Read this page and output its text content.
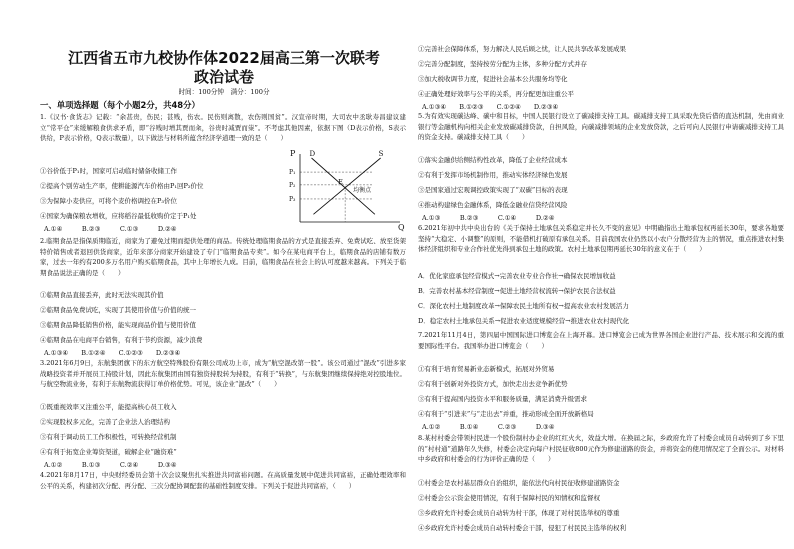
江西省五市九校协作体2022届高三第一次联考
政治试卷
时间：100分钟　满分：100分
一、单项选择题（每个小题2分，共48分）

1.《汉书·食货志》记载：“余甚贵，伤民；甚贱，伤农。民伤则离散，农伤则国贫”。汉宣帝时期，大司农中丞耿寿昌建议建立“常平仓”来缓解粮食供求矛盾，即“谷贱时增其贾而籴，谷贵时减贾而粜”。不考虑其他因素，依据下图（D表示价格，S表示供给，P表示价格，Q表示数量），以下做法与材料所蕴含经济学道理一致的是（　　）

①谷价低于P₁时，国家可启动临时储备收储工作

②提高个别劳动生产率，使耕能源汽车价格由P₁回P₂价位

③为保障小麦供应，可将个麦价格调控在P₃价位

④国家为确保粮农增收，应将稻谷最低收购价定于P₁处

A.①④　　　B.②③　　　C.①③　　　D.②④
P
Q
P₁
P₂
P₃
D	S
E
均衡点

2.临期食品是指保质期临近，商家为了避免过期而提供处理的商品。传统处理临期食品的方式是直接丢弃、免费试吃、放至货架特价销售或者退回供货商家，近年来部分商家开始建设了专门“临期食品专卖”。如今在某电商平台上，临期食品的店铺有数万家，过去一年约有200多万名用户购买临期食品，其中上年增长九成。目前，临期食品在社会上的认可度越来越高。下列关于临期食品说法正确的是（　　）

①临期食品直接丢弃，此时无法实现其价值

②临期食品免费试吃，实现了其使用价值与价值的统一

③临期食品降低销售价格，能实现商品价值与使用价值

④临期食品在电商平台销售，有利于节约资源，减少浪费

A.①③④　　B.①②④　　C.①②③　　D.②③④

3.2021年6月9日，东航集团旗下的东方航空特殊股份有限公司成功上市，成为“航空混改第一股”。该公司通过“混改”引进多家战略投资者并开展员工持股计划，因此东航集团由国有独资持股转为持股，有利于“转换”，与东航集团继续保持绝对控股地位。与航空物流业务，有利于东航物流获得订单价格优势。可见，该企业“混改”（　　）

①既重视效率又注重公平，能提高核心员工收入

②实现股权多元化，完善了企业法人治理结构

③有利于调动员工工作积极性，可转换经营机制

④有利于拓宽企业筹资渠道，破解企业“融资难”

A.①②　　　B.①③　　　C.②④　　　D.③④

4.2021年8月17日，中央财经委员会第十次会议聚焦扎实推进共同富裕问题。在高质量发展中促进共同富裕，正确处理效率和公平的关系，构建初次分配、再分配、三次分配协调配套的基础性制度安排。下列关于促进共同富裕，（　　）

①完善社会保障体系，努力解决人民后顾之忧，让人民共享改革发展成果

②完善分配制度，坚持按劳分配为主体，多种分配方式并存

③加大税收调节力度，促进社会基本公共服务均等化

④正确处理好效率与公平的关系，再分配更加注重公平

A.①③④　　B.①②③　　C.①②④　　D.②③④

5.为有效实现碳达峰、碳中和目标，中国人民银行设立了碳减排支持工具。碳减排支持工具采取先贷后借的直达机制，先由商业银行等金融机构向相关企业发放碳减排贷款，自担风险，向碳减排领域的企业发放贷款，之后可向人民银行申请碳减排支持工具的资金支持。碳减排支持工具（　　）

①落实金融供给侧结构性改革，降低了企业经营成本

②有利于发挥市场机制作用，推动实体经济绿色发展

③是国家通过宏观调控政策实现了“双碳”目标的表现

④推动构建绿色金融体系，降低金融业信贷经营风险

A.①③　　　B.②③　　　C.①④　　　D.②④

6.2021年初中共中央出台的《关于保持土地承包关系稳定并长久不变的意见》中明确指出土地承包权再延长30年，要求各地要坚持“大稳定、小调整”的原则，不能借机打破原有承包关系。目前我国农业仍然以小农户分散经营为主的情况，重点推进农村集体经济组织和专业合作社优先得到承包土地的政策。农村土地承包期再延长30年的意义在于（　　）

A．优化家庭承包经营模式→完善农业专业合作社→确保农民增加收益

B．完善农村基本经营制度→促进土地经营权流转→保护农民合法权益

C．深化农村土地制度改革→保障农民土地所有权→提高农业农村发展活力

D．稳定农村土地承包关系→促进农业适度规模经营→推进农业农村现代化

7.2021年11月4日，第四届中国国际进口博览会在上海开幕。进口博览会已成为世界各国企业进行产品、技术展示和交流的重要国际性平台。我国举办进口博览会（　　）

①有利于培育贸易新业态新模式，拓展对外贸易

②有利于创新对外投资方式，加快走出去竞争新优势

③有利于提高国内投资水平和服务质量，满足消费升级需求

④有利于“引进来”与“走出去”并重，推动形成全面开放新格局

A.①②　　　B.①④　　　C.②③　　　D.③④

8.某村村委会带领村民进一个股份制村办企业的红红火火，效益大增。在换届之际，乡政府允许了村委会成员自动转到了乡下里的“村村通”道路年久失修，村委会决定向每户村民征收800元作为修建道路的资金，并将资金的使用情况定了全面公示。对材料中乡政府和村委会的行为评价正确的是（　　）

①村委会是农村基层群众自治组织，能依法代向村民征收修建道路资金

②村委会公示资金使用情况，有利于保障村民的知情权和监督权

③乡政府允许村委会成员自动转为村干部，体现了对村民选举权的尊重

④乡政府允许村委会成员自动转村委会干部，侵犯了村民民主选举的权利
